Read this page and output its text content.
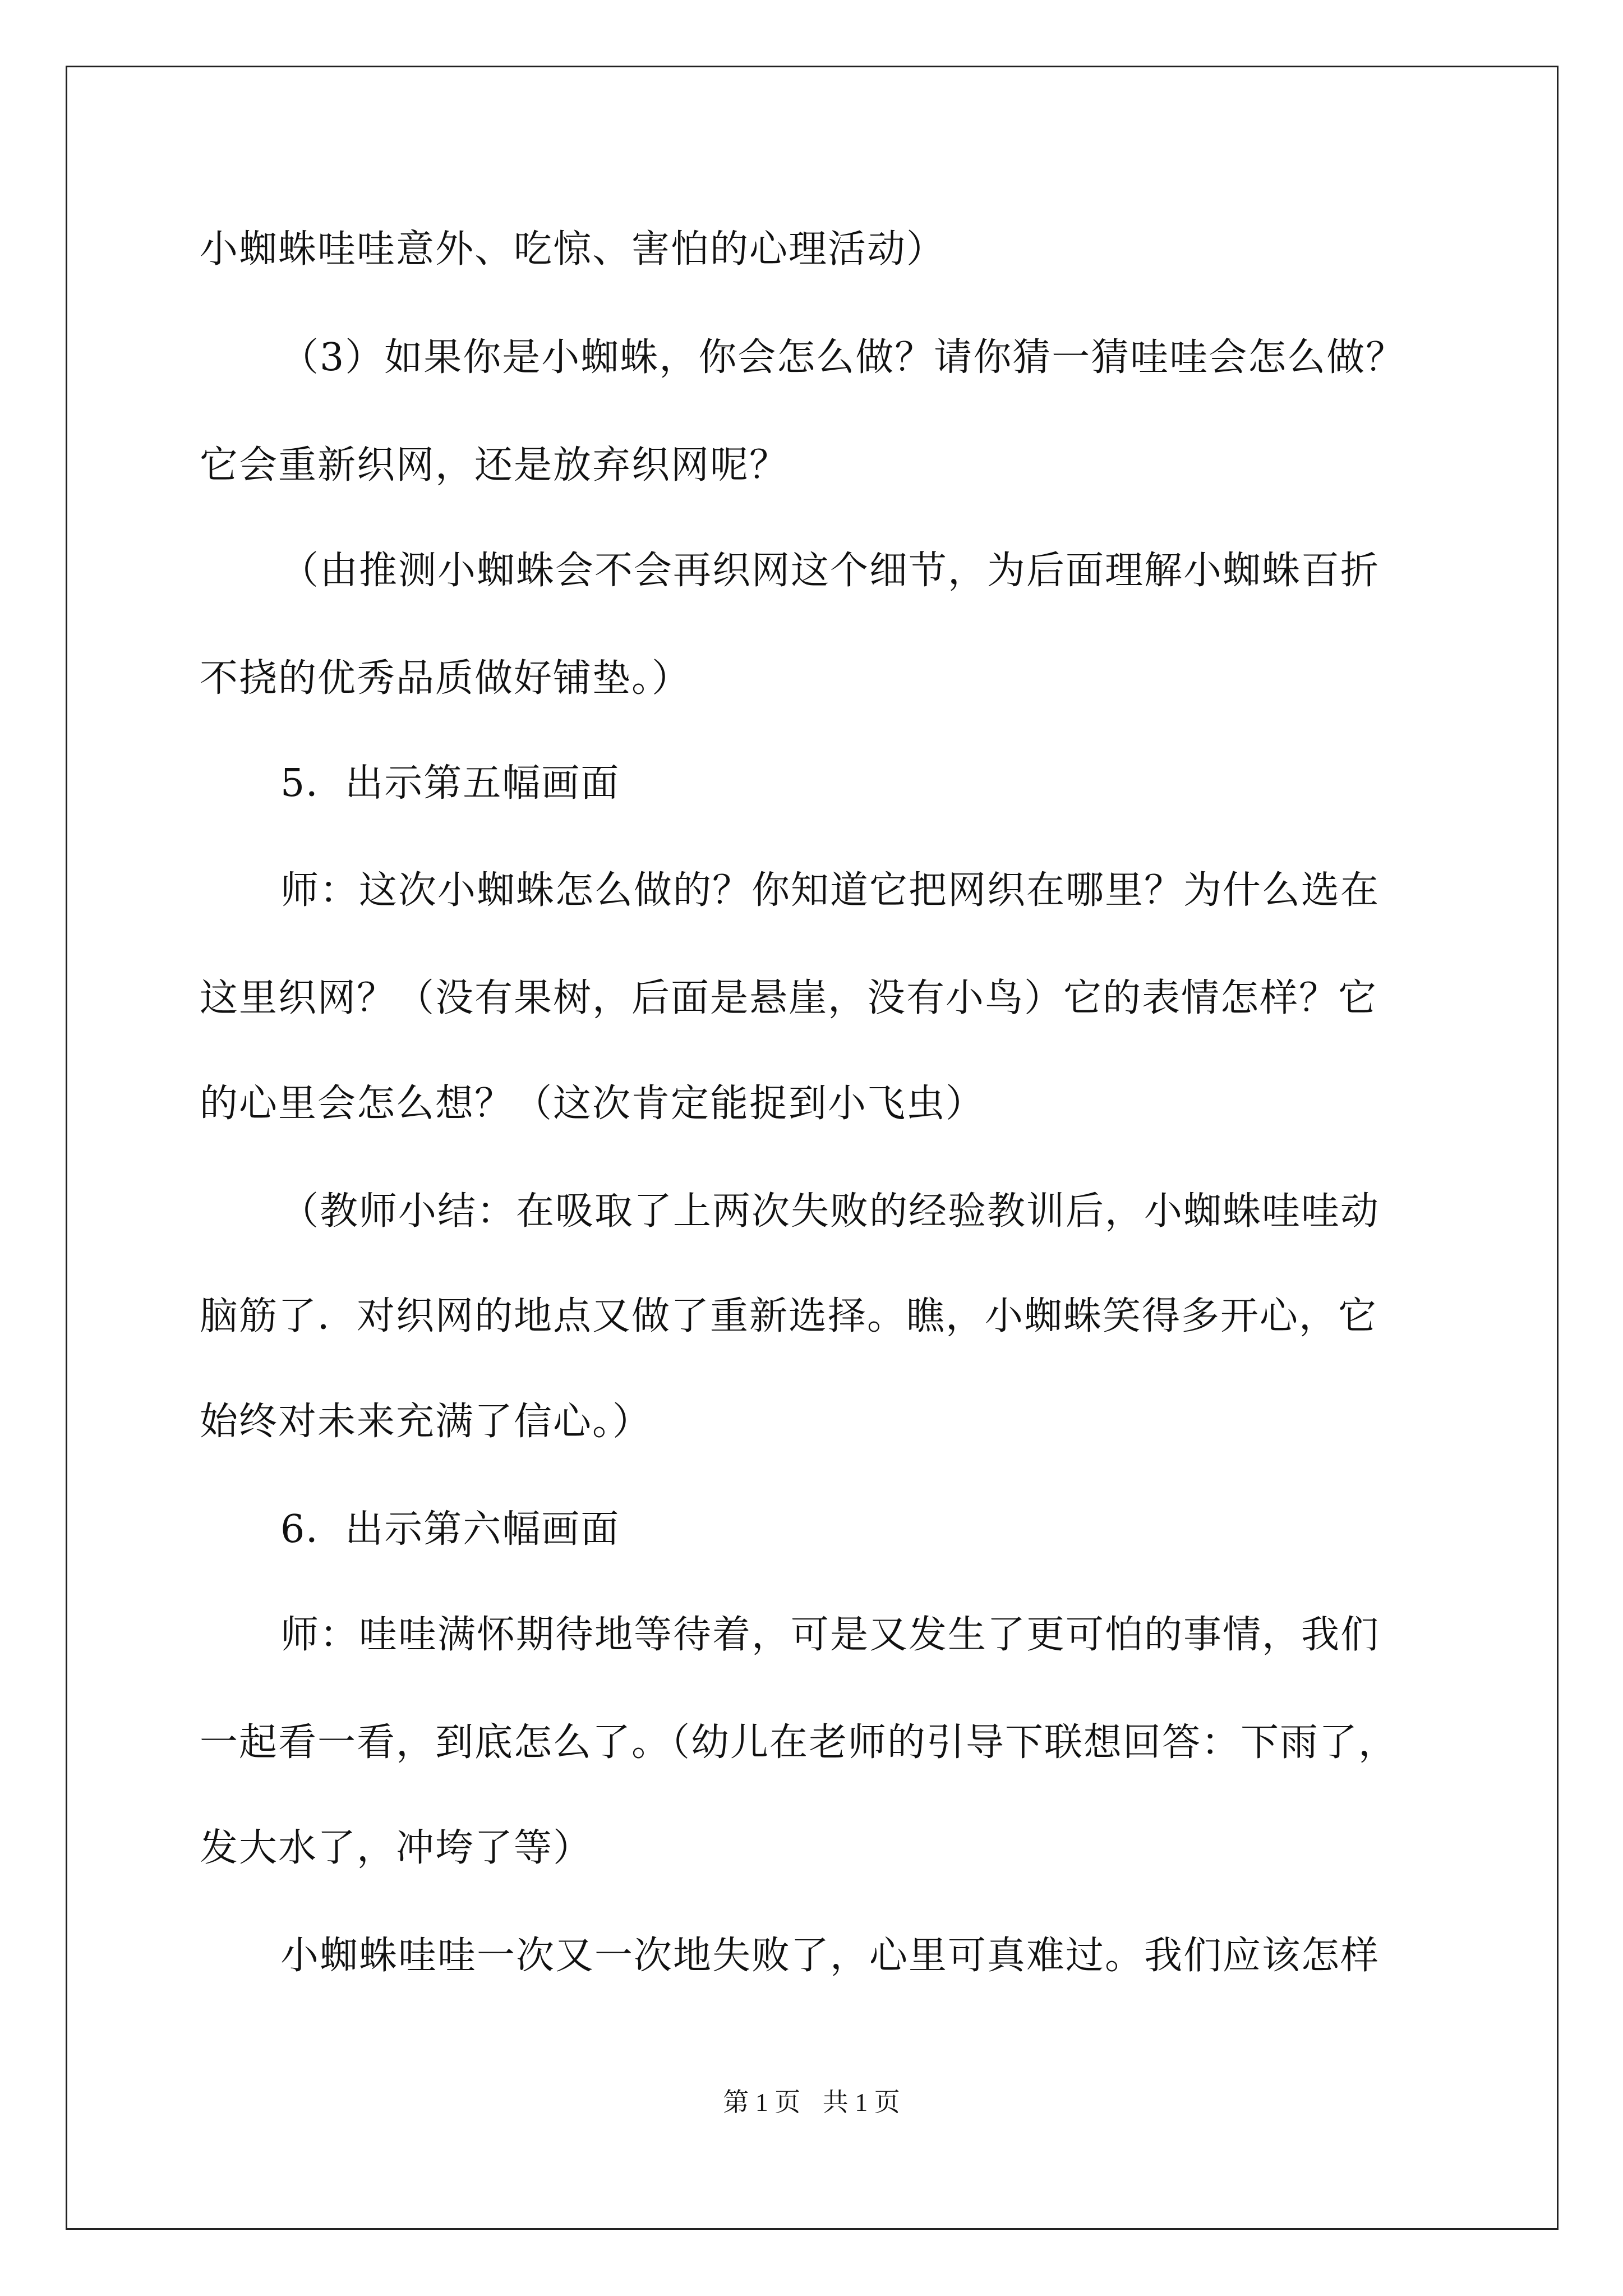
小蜘蛛哇哇意外、吃惊、害怕的心理活动）
（3）如果你是小蜘蛛，你会怎么做？请你猜一猜哇哇会怎么做？
它会重新织网，还是放弃织网呢？
（由推测小蜘蛛会不会再织网这个细节，为后面理解小蜘蛛百折
不挠的优秀品质做好铺垫。）
5．出示第五幅画面
师：这次小蜘蛛怎么做的？你知道它把网织在哪里？为什么选在
这里织网？（没有果树，后面是悬崖，没有小鸟）它的表情怎样？它
的心里会怎么想？（这次肯定能捉到小飞虫）
（教师小结：在吸取了上两次失败的经验教训后，小蜘蛛哇哇动
脑筋了．对织网的地点又做了重新选择。瞧，小蜘蛛笑得多开心，它
始终对未来充满了信心。）
6．出示第六幅画面
师：哇哇满怀期待地等待着，可是又发生了更可怕的事情，我们
一起看一看，到底怎么了。（幼儿在老师的引导下联想回答：下雨了，
发大水了，冲垮了等）
小蜘蛛哇哇一次又一次地失败了，心里可真难过。我们应该怎样
第 1 页 共 1 页
